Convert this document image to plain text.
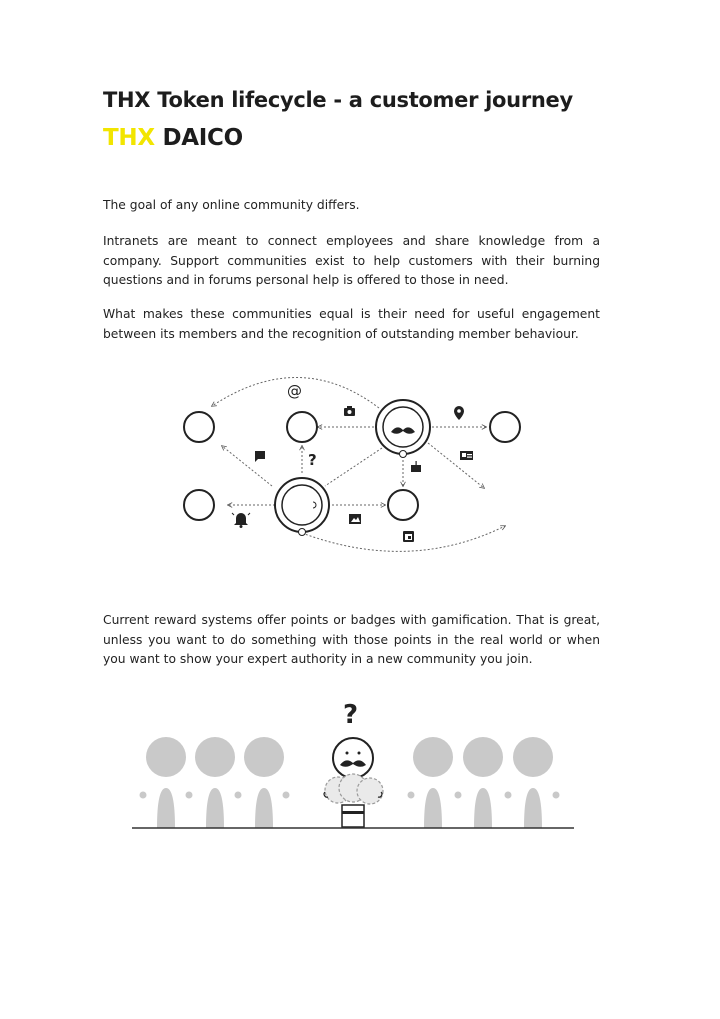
THX Token lifecycle - a customer journey
THX DAICO

The goal of any online community differs.

Intranets are meant to connect employees and share knowledge from a company. Support communities exist to help customers with their burning questions and in forums personal help is offered to those in need.

What makes these communities equal is their need for useful engagement between its members and the recognition of outstanding member behaviour.

@
?

Current reward systems offer points or badges with gamification. That is great, unless you want to do something with those points in the real world or when you want to show your expert authority in a new community you join.

?
